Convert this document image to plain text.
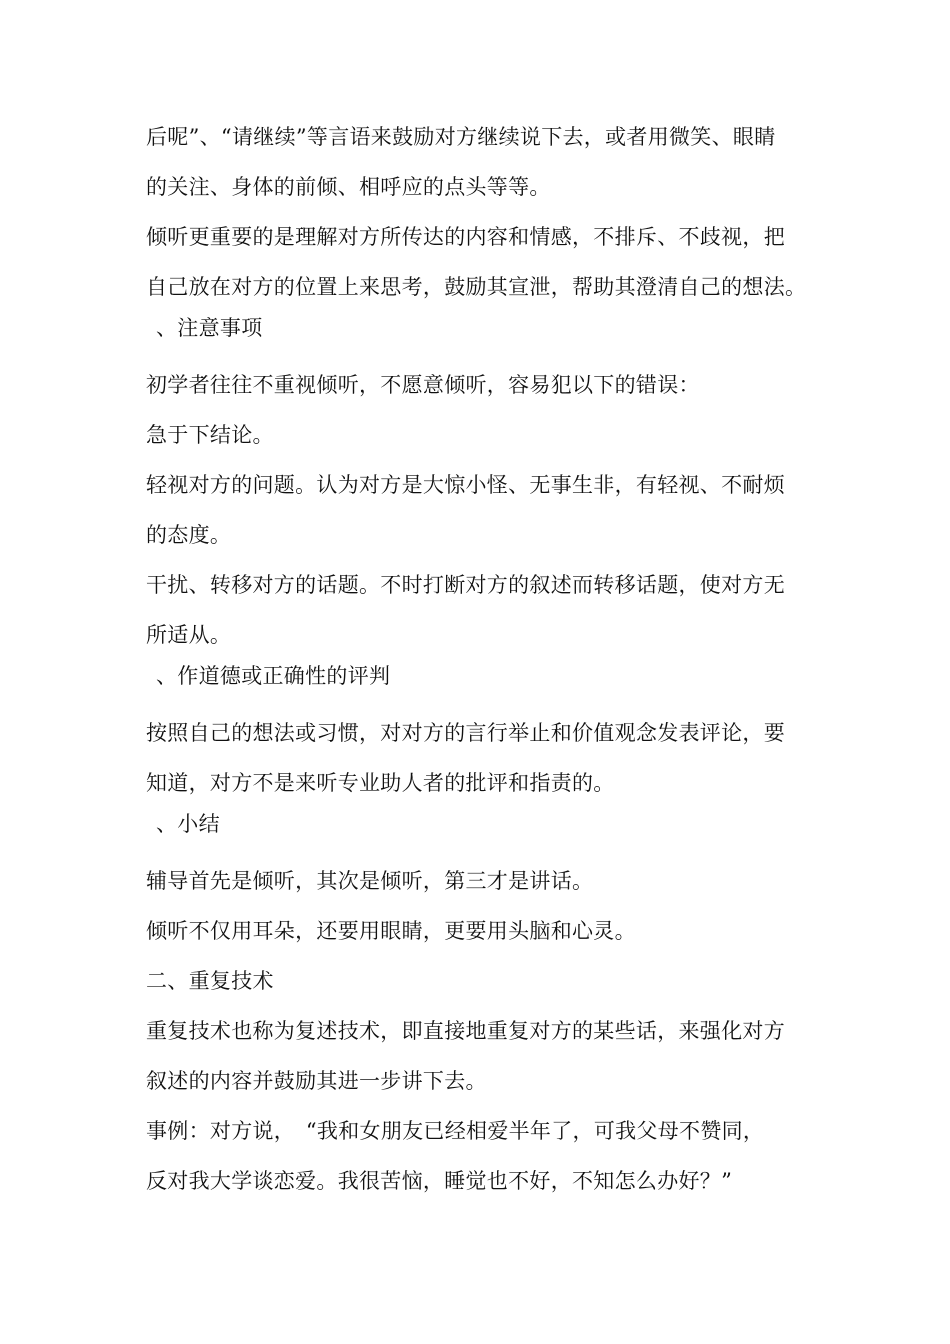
后呢”、“请继续”等言语来鼓励对方继续说下去，或者用微笑、眼睛
的关注、身体的前倾、相呼应的点头等等。
倾听更重要的是理解对方所传达的内容和情感，不排斥、不歧视，把
自己放在对方的位置上来思考，鼓励其宣泄，帮助其澄清自己的想法。
、注意事项
初学者往往不重视倾听，不愿意倾听，容易犯以下的错误：
急于下结论。
轻视对方的问题。认为对方是大惊小怪、无事生非，有轻视、不耐烦
的态度。
干扰、转移对方的话题。不时打断对方的叙述而转移话题，使对方无
所适从。
、作道德或正确性的评判
按照自己的想法或习惯，对对方的言行举止和价值观念发表评论，要
知道，对方不是来听专业助人者的批评和指责的。
、小结
辅导首先是倾听，其次是倾听，第三才是讲话。
倾听不仅用耳朵，还要用眼睛，更要用头脑和心灵。
二、重复技术
重复技术也称为复述技术，即直接地重复对方的某些话，来强化对方
叙述的内容并鼓励其进一步讲下去。
事例：对方说，　“我和女朋友已经相爱半年了，可我父母不赞同，
反对我大学谈恋爱。我很苦恼，睡觉也不好，不知怎么办好？”
